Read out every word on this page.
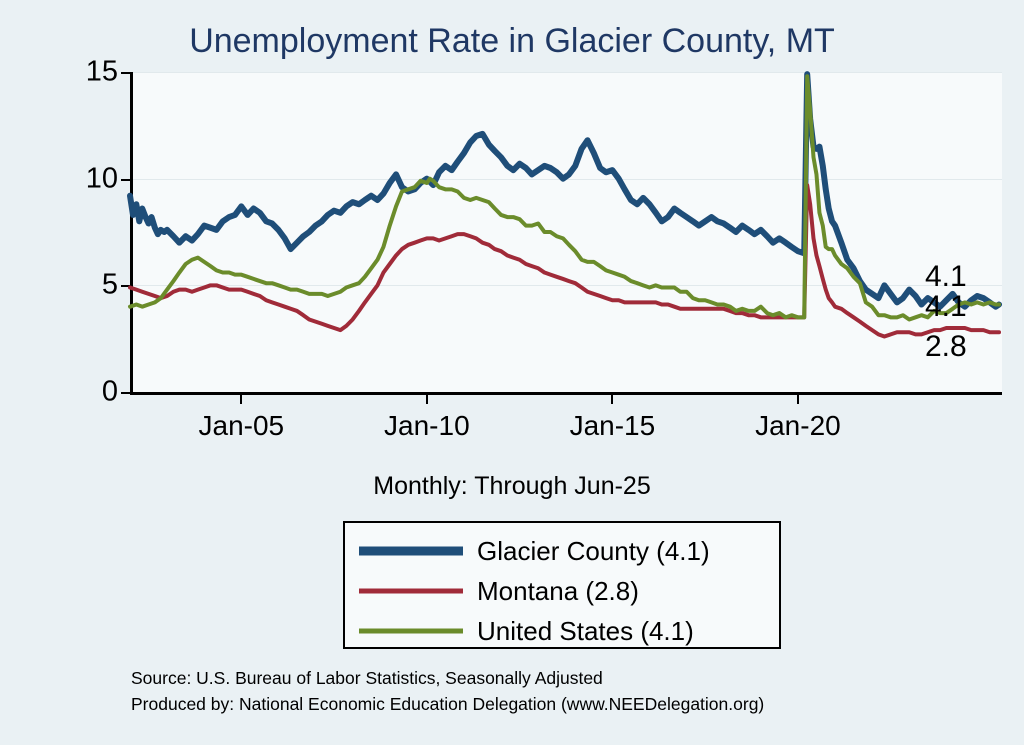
Unemployment Rate in Glacier County, MT
0
5
10
15
Jan-05	Jan-10	Jan-15	Jan-20
4.1
4.1
2.8
Monthly: Through Jun-25
Glacier County (4.1)
Montana (2.8)
United States (4.1)
Source: U.S. Bureau of Labor Statistics, Seasonally Adjusted
Produced by: National Economic Education Delegation (www.NEEDelegation.org)
